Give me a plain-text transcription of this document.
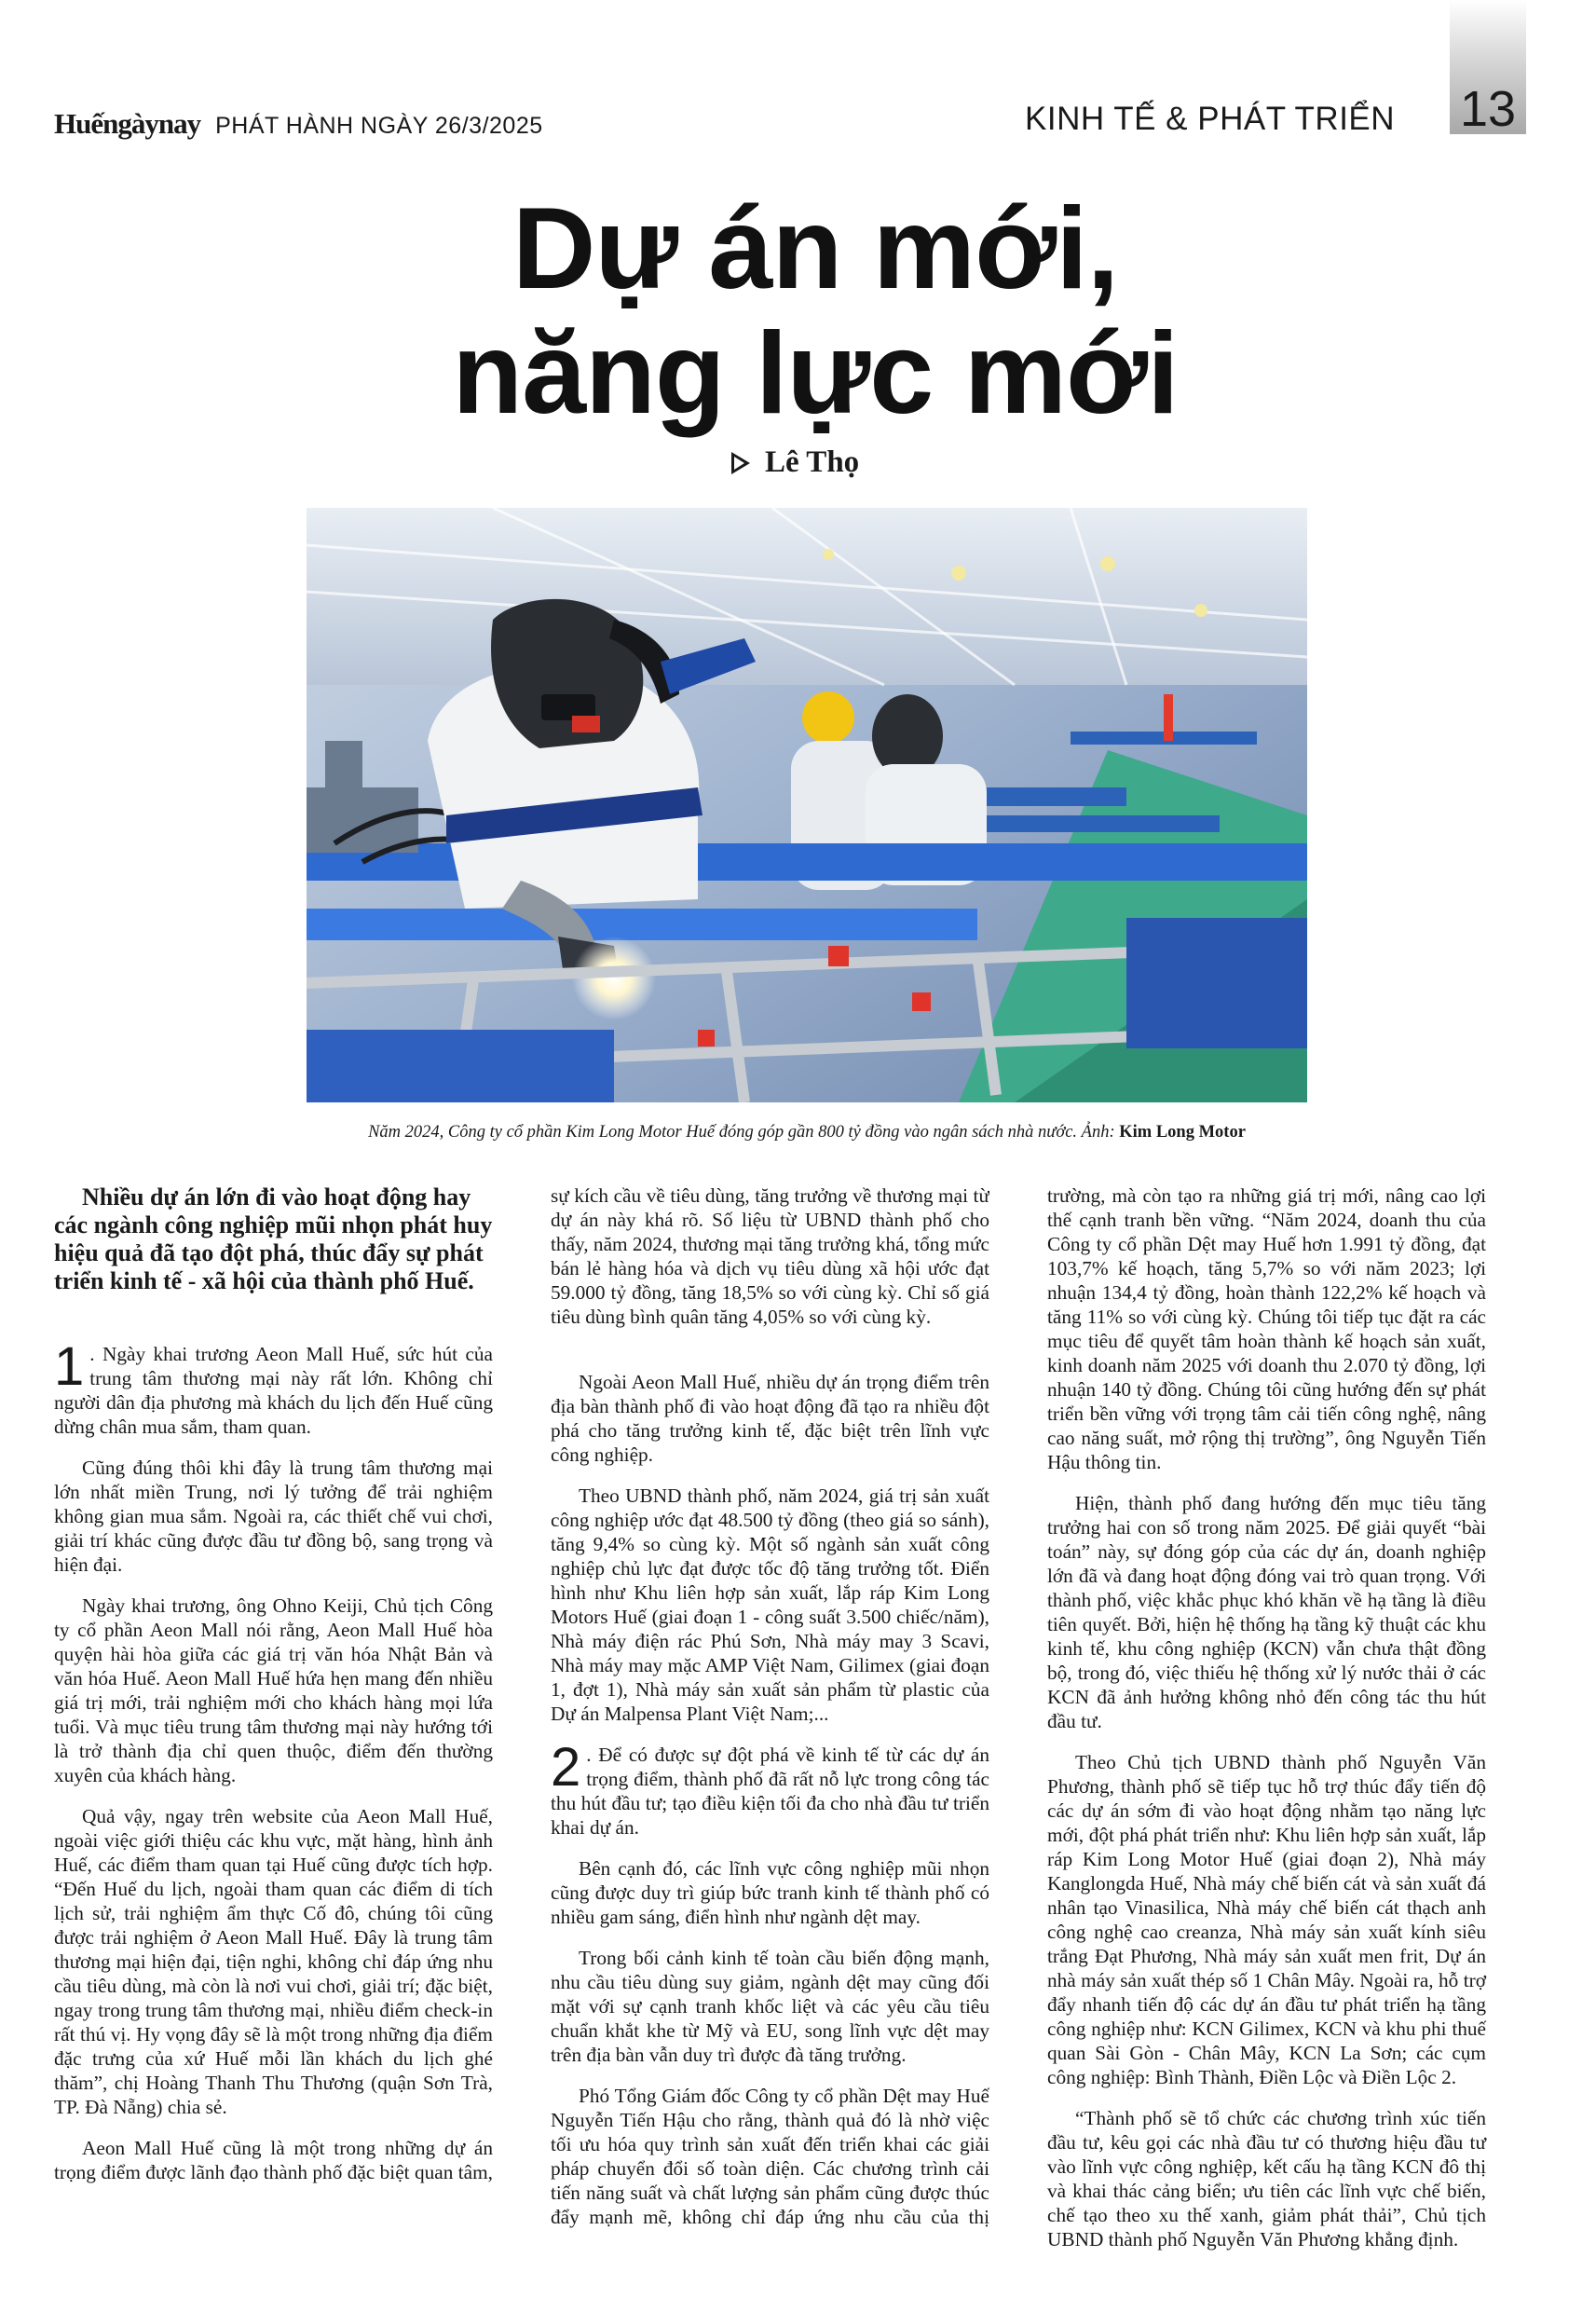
Huếngàynay PHÁT HÀNH NGÀY 26/3/2025	KINH TẾ & PHÁT TRIỂN 13
Dự án mới,
năng lực mới
Lê Thọ
Năm 2024, Công ty cổ phần Kim Long Motor Huế đóng góp gần 800 tỷ đồng vào ngân sách nhà nước. Ảnh: Kim Long Motor

Nhiều dự án lớn đi vào hoạt động hay các ngành công nghiệp mũi nhọn phát huy hiệu quả đã tạo đột phá, thúc đẩy sự phát triển kinh tế - xã hội của thành phố Huế.

1 . Ngày khai trương Aeon Mall Huế, sức hút của trung tâm thương mại này rất lớn. Không chỉ người dân địa phương mà khách du lịch đến Huế cũng dừng chân mua sắm, tham quan.

Cũng đúng thôi khi đây là trung tâm thương mại lớn nhất miền Trung, nơi lý tưởng để trải nghiệm không gian mua sắm. Ngoài ra, các thiết chế vui chơi, giải trí khác cũng được đầu tư đồng bộ, sang trọng và hiện đại.

Ngày khai trương, ông Ohno Keiji, Chủ tịch Công ty cổ phần Aeon Mall nói rằng, Aeon Mall Huế hòa quyện hài hòa giữa các giá trị văn hóa Nhật Bản và văn hóa Huế. Aeon Mall Huế hứa hẹn mang đến nhiều giá trị mới, trải nghiệm mới cho khách hàng mọi lứa tuổi. Và mục tiêu trung tâm thương mại này hướng tới là trở thành địa chỉ quen thuộc, điểm đến thường xuyên của khách hàng.

Quả vậy, ngay trên website của Aeon Mall Huế, ngoài việc giới thiệu các khu vực, mặt hàng, hình ảnh Huế, các điểm tham quan tại Huế cũng được tích hợp. “Đến Huế du lịch, ngoài tham quan các điểm di tích lịch sử, trải nghiệm ẩm thực Cố đô, chúng tôi cũng được trải nghiệm ở Aeon Mall Huế. Đây là trung tâm thương mại hiện đại, tiện nghi, không chỉ đáp ứng nhu cầu tiêu dùng, mà còn là nơi vui chơi, giải trí; đặc biệt, ngay trong trung tâm thương mại, nhiều điểm check-in rất thú vị. Hy vọng đây sẽ là một trong những địa điểm đặc trưng của xứ Huế mỗi lần khách du lịch ghé thăm”, chị Hoàng Thanh Thu Thương (quận Sơn Trà, TP. Đà Nẵng) chia sẻ.

Aeon Mall Huế cũng là một trong những dự án trọng điểm được lãnh đạo thành phố đặc biệt quan tâm,

sự kích cầu về tiêu dùng, tăng trưởng về thương mại từ dự án này khá rõ. Số liệu từ UBND thành phố cho thấy, năm 2024, thương mại tăng trưởng khá, tổng mức bán lẻ hàng hóa và dịch vụ tiêu dùng xã hội ước đạt 59.000 tỷ đồng, tăng 18,5% so với cùng kỳ. Chỉ số giá tiêu dùng bình quân tăng 4,05% so với cùng kỳ.

Ngoài Aeon Mall Huế, nhiều dự án trọng điểm trên địa bàn thành phố đi vào hoạt động đã tạo ra nhiều đột phá cho tăng trưởng kinh tế, đặc biệt trên lĩnh vực công nghiệp.

Theo UBND thành phố, năm 2024, giá trị sản xuất công nghiệp ước đạt 48.500 tỷ đồng (theo giá so sánh), tăng 9,4% so cùng kỳ. Một số ngành sản xuất công nghiệp chủ lực đạt được tốc độ tăng trưởng tốt. Điển hình như Khu liên hợp sản xuất, lắp ráp Kim Long Motors Huế (giai đoạn 1 - công suất 3.500 chiếc/năm), Nhà máy điện rác Phú Sơn, Nhà máy may 3 Scavi, Nhà máy may mặc AMP Việt Nam, Gilimex (giai đoạn 1, đợt 1), Nhà máy sản xuất sản phẩm từ plastic của Dự án Malpensa Plant Việt Nam;...

2 . Để có được sự đột phá về kinh tế từ các dự án trọng điểm, thành phố đã rất nỗ lực trong công tác thu hút đầu tư; tạo điều kiện tối đa cho nhà đầu tư triển khai dự án.

Bên cạnh đó, các lĩnh vực công nghiệp mũi nhọn cũng được duy trì giúp bức tranh kinh tế thành phố có nhiều gam sáng, điển hình như ngành dệt may.

Trong bối cảnh kinh tế toàn cầu biến động mạnh, nhu cầu tiêu dùng suy giảm, ngành dệt may cũng đối mặt với sự cạnh tranh khốc liệt và các yêu cầu tiêu chuẩn khắt khe từ Mỹ và EU, song lĩnh vực dệt may trên địa bàn vẫn duy trì được đà tăng trưởng.

Phó Tổng Giám đốc Công ty cổ phần Dệt may Huế Nguyễn Tiến Hậu cho rằng, thành quả đó là nhờ việc tối ưu hóa quy trình sản xuất đến triển khai các giải pháp chuyển đổi số toàn diện. Các chương trình cải tiến năng suất và chất lượng sản phẩm cũng được thúc đẩy mạnh mẽ, không chỉ đáp ứng nhu cầu của thị

trường, mà còn tạo ra những giá trị mới, nâng cao lợi thế cạnh tranh bền vững. “Năm 2024, doanh thu của Công ty cổ phần Dệt may Huế hơn 1.991 tỷ đồng, đạt 103,7% kế hoạch, tăng 5,7% so với năm 2023; lợi nhuận 134,4 tỷ đồng, hoàn thành 122,2% kế hoạch và tăng 11% so với cùng kỳ. Chúng tôi tiếp tục đặt ra các mục tiêu để quyết tâm hoàn thành kế hoạch sản xuất, kinh doanh năm 2025 với doanh thu 2.070 tỷ đồng, lợi nhuận 140 tỷ đồng. Chúng tôi cũng hướng đến sự phát triển bền vững với trọng tâm cải tiến công nghệ, nâng cao năng suất, mở rộng thị trường”, ông Nguyễn Tiến Hậu thông tin.

Hiện, thành phố đang hướng đến mục tiêu tăng trưởng hai con số trong năm 2025. Để giải quyết “bài toán” này, sự đóng góp của các dự án, doanh nghiệp lớn đã và đang hoạt động đóng vai trò quan trọng. Với thành phố, việc khắc phục khó khăn về hạ tầng là điều tiên quyết. Bởi, hiện hệ thống hạ tầng kỹ thuật các khu kinh tế, khu công nghiệp (KCN) vẫn chưa thật đồng bộ, trong đó, việc thiếu hệ thống xử lý nước thải ở các KCN đã ảnh hưởng không nhỏ đến công tác thu hút đầu tư.

Theo Chủ tịch UBND thành phố Nguyễn Văn Phương, thành phố sẽ tiếp tục hỗ trợ thúc đẩy tiến độ các dự án sớm đi vào hoạt động nhằm tạo năng lực mới, đột phá phát triển như: Khu liên hợp sản xuất, lắp ráp Kim Long Motor Huế (giai đoạn 2), Nhà máy Kanglongda Huế, Nhà máy chế biến cát và sản xuất đá nhân tạo Vinasilica, Nhà máy chế biến cát thạch anh công nghệ cao creanza, Nhà máy sản xuất kính siêu trắng Đạt Phương, Nhà máy sản xuất men frit, Dự án nhà máy sản xuất thép số 1 Chân Mây. Ngoài ra, hỗ trợ đẩy nhanh tiến độ các dự án đầu tư phát triển hạ tầng công nghiệp như: KCN Gilimex, KCN và khu phi thuế quan Sài Gòn - Chân Mây, KCN La Sơn; các cụm công nghiệp: Bình Thành, Điền Lộc và Điền Lộc 2.

“Thành phố sẽ tổ chức các chương trình xúc tiến đầu tư, kêu gọi các nhà đầu tư có thương hiệu đầu tư vào lĩnh vực công nghiệp, kết cấu hạ tầng KCN đô thị và khai thác cảng biển; ưu tiên các lĩnh vực chế biến, chế tạo theo xu thế xanh, giảm phát thải”, Chủ tịch UBND thành phố Nguyễn Văn Phương khẳng định.
